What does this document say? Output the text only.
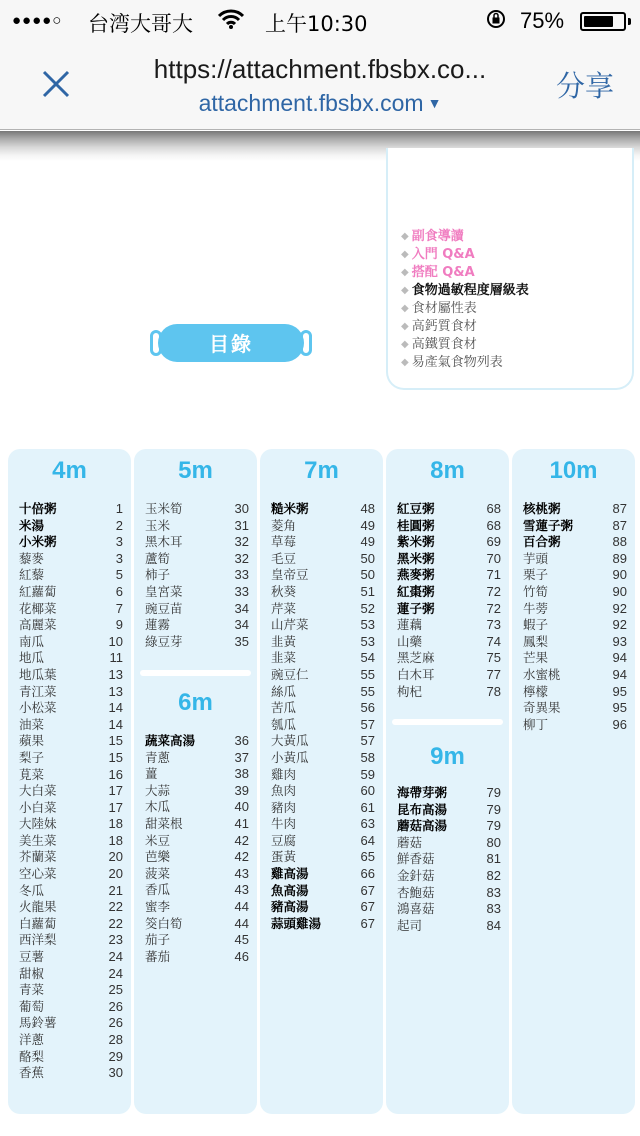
●●●●○ 台湾大哥大	上午10:30	75%
https://attachment.fbsbx.co...
attachment.fbsbx.com ▼	分享
◆ 副食導讀
◆ 入門 Q&A
◆ 搭配 Q&A
◆ 食物過敏程度層級表
◆ 食材屬性表
◆ 高鈣質食材
◆ 高鐵質食材
◆ 易產氣食物列表
目錄
4m
十倍粥	1
米湯	2
小米粥	3
藜麥	3
紅藜	5
紅蘿蔔	6
花椰菜	7
高麗菜	9
南瓜	10
地瓜	11
地瓜葉	13
青江菜	13
小松菜	14
油菜	14
蘋果	15
梨子	15
莧菜	16
大白菜	17
小白菜	17
大陸妹	18
美生菜	18
芥蘭菜	20
空心菜	20
冬瓜	21
火龍果	22
白蘿蔔	22
西洋梨	23
豆薯	24
甜椒	24
青菜	25
葡萄	26
馬鈴薯	26
洋蔥	28
酪梨	29
香蕉	30
5m
玉米筍	30
玉米	31
黑木耳	32
蘆筍	32
柿子	33
皇宮菜	33
豌豆苗	34
蓮霧	34
綠豆芽	35
6m
蔬菜高湯	36
青蔥	37
薑	38
大蒜	39
木瓜	40
甜菜根	41
米豆	42
芭樂	42
菠菜	43
香瓜	43
蜜李	44
筊白筍	44
茄子	45
蕃茄	46
7m
糙米粥	48
菱角	49
草莓	49
毛豆	50
皇帝豆	50
秋葵	51
芹菜	52
山芹菜	53
韭黃	53
韭菜	54
豌豆仁	55
絲瓜	55
苦瓜	56
瓠瓜	57
大黃瓜	57
小黃瓜	58
雞肉	59
魚肉	60
豬肉	61
牛肉	63
豆腐	64
蛋黃	65
雞高湯	66
魚高湯	67
豬高湯	67
蒜頭雞湯	67
8m
紅豆粥	68
桂圓粥	68
紫米粥	69
黑米粥	70
燕麥粥	71
紅棗粥	72
蓮子粥	72
蓮藕	73
山藥	74
黑芝麻	75
白木耳	77
枸杞	78
9m
海帶芽粥	79
昆布高湯	79
蘑菇高湯	79
蘑菇	80
鮮香菇	81
金針菇	82
杏鮑菇	83
鴻喜菇	83
起司	84
10m
核桃粥	87
雪蓮子粥	87
百合粥	88
芋頭	89
栗子	90
竹筍	90
牛蒡	92
蝦子	92
鳳梨	93
芒果	94
水蜜桃	94
檸檬	95
奇異果	95
柳丁	96
